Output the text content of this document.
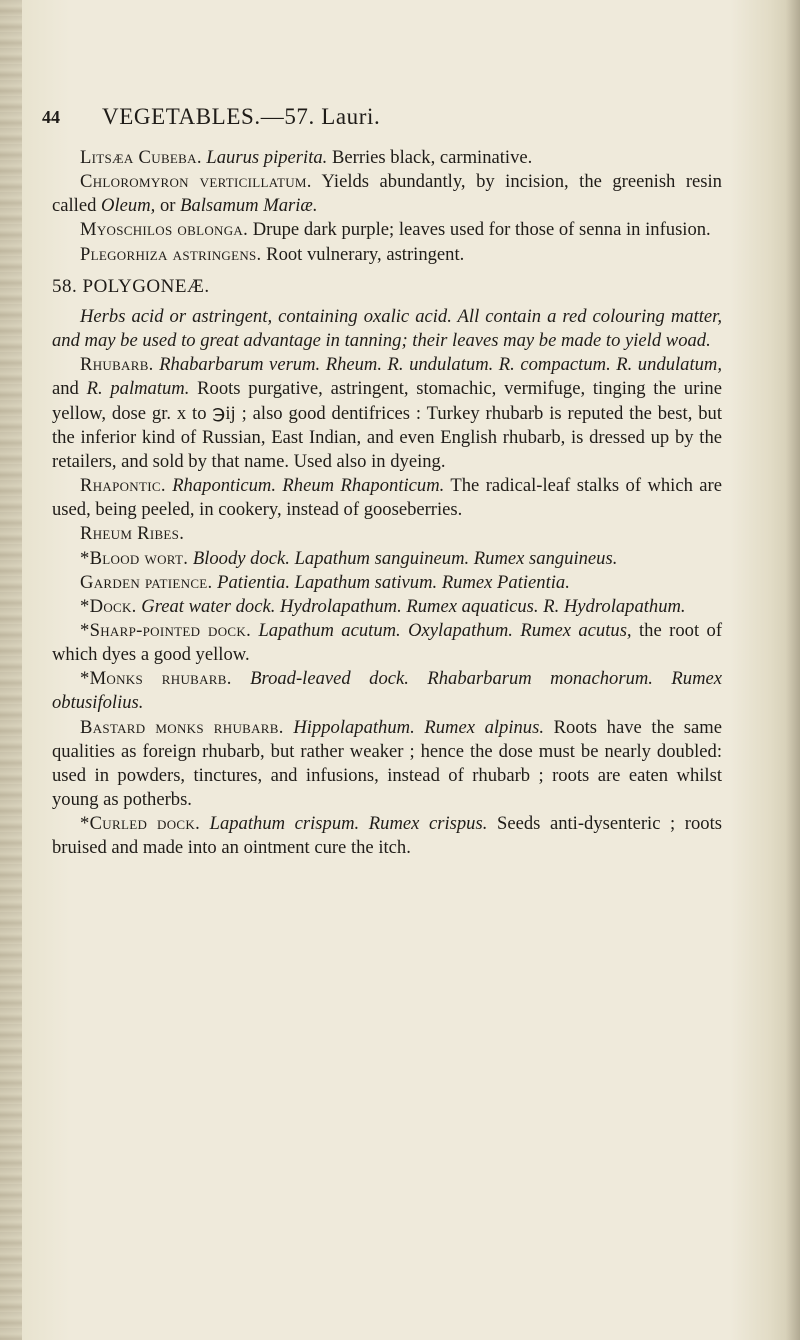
44 VEGETABLES.—57. Lauri.

Litsæa Cubeba. Laurus piperita. Berries black, carminative.

Chloromyron verticillatum. Yields abundantly, by incision, the greenish resin called Oleum, or Balsamum Mariæ.

Myoschilos oblonga. Drupe dark purple; leaves used for those of senna in infusion.

Plegorhiza astringens. Root vulnerary, astringent.

58. POLYGONEÆ.

Herbs acid or astringent, containing oxalic acid. All contain a red colouring matter, and may be used to great advantage in tanning; their leaves may be made to yield woad.

Rhubarb. Rhabarbarum verum. Rheum. R. undulatum. R. compactum. R. undulatum, and R. palmatum. Roots purgative, astringent, stomachic, vermifuge, tinging the urine yellow, dose gr. x to ℈ij ; also good dentifrices : Turkey rhubarb is reputed the best, but the inferior kind of Russian, East Indian, and even English rhubarb, is dressed up by the retailers, and sold by that name. Used also in dyeing.

Rhapontic. Rhaponticum. Rheum Rhaponticum. The radical-leaf stalks of which are used, being peeled, in cookery, instead of gooseberries.

Rheum Ribes.

*Blood wort. Bloody dock. Lapathum sanguineum. Rumex sanguineus.

Garden patience. Patientia. Lapathum sativum. Rumex Patientia.

*Dock. Great water dock. Hydrolapathum. Rumex aquaticus. R. Hydrolapathum.

*Sharp-pointed dock. Lapathum acutum. Oxylapathum. Rumex acutus, the root of which dyes a good yellow.

*Monks rhubarb. Broad-leaved dock. Rhabarbarum monachorum. Rumex obtusifolius.

Bastard monks rhubarb. Hippolapathum. Rumex alpinus. Roots have the same qualities as foreign rhubarb, but rather weaker ; hence the dose must be nearly doubled: used in powders, tinctures, and infusions, instead of rhubarb ; roots are eaten whilst young as potherbs.

*Curled dock. Lapathum crispum. Rumex crispus. Seeds anti-dysenteric ; roots bruised and made into an ointment cure the itch.
